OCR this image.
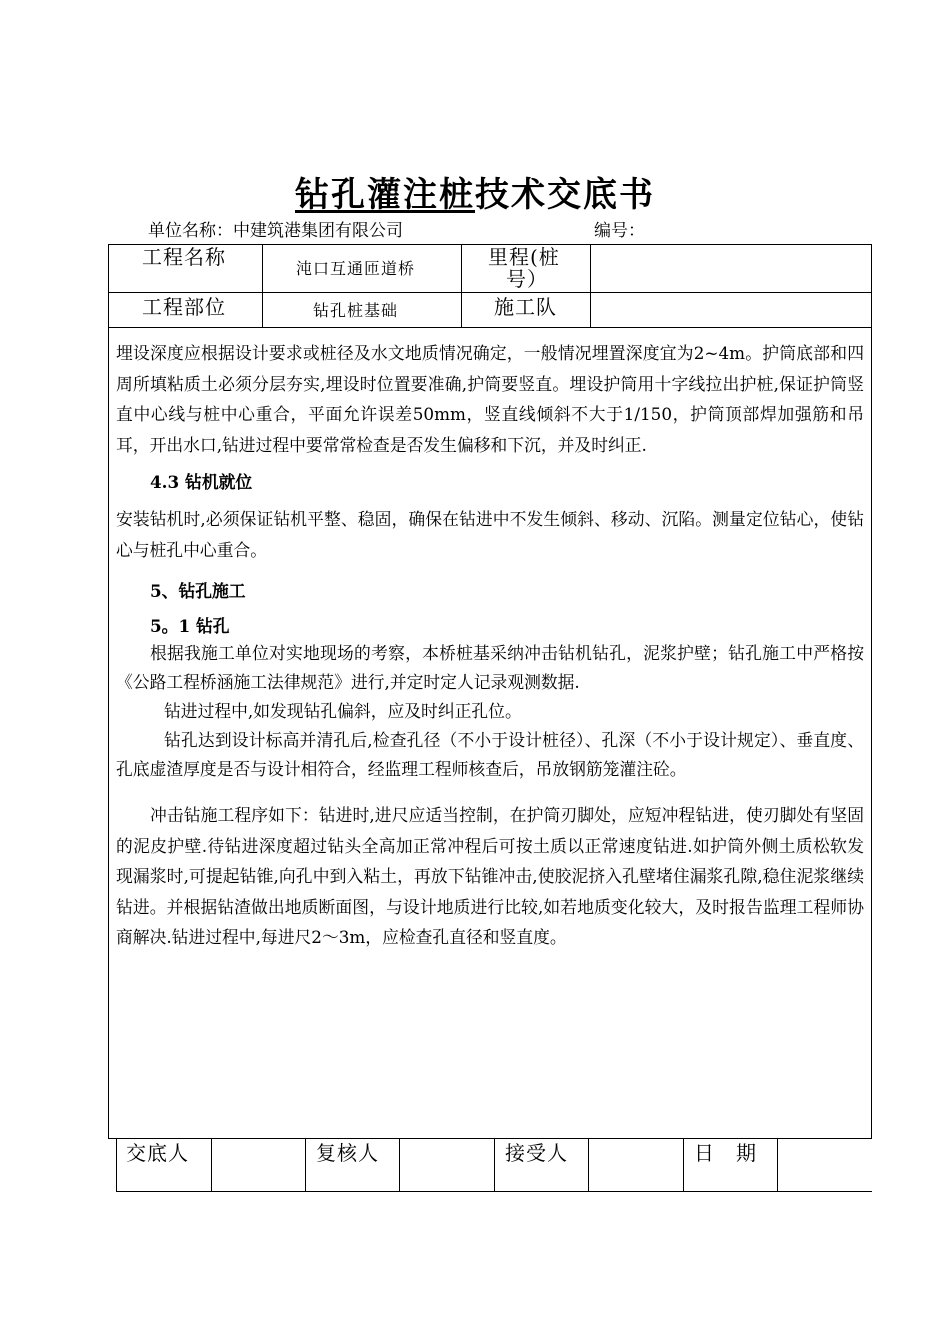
钻孔灌注桩技术交底书
单位名称：中建筑港集团有限公司	编号：
工程名称	沌口互通匝道桥	里程(桩
号）
工程部位	钻孔桩基础	施工队

埋设深度应根据设计要求或桩径及水文地质情况确定，一般情况埋置深度宜为2~4m。护筒底部和四周所填粘质土必须分层夯实,埋设时位置要准确,护筒要竖直。埋设护筒用十字线拉出护桩,保证护筒竖直中心线与桩中心重合，平面允许误差50mm，竖直线倾斜不大于1/150，护筒顶部焊加强筋和吊耳，开出水口,钻进过程中要常常检查是否发生偏移和下沉，并及时纠正.

4.3 钻机就位

安装钻机时,必须保证钻机平整、稳固，确保在钻进中不发生倾斜、移动、沉陷。测量定位钻心，使钻心与桩孔中心重合。

5、钻孔施工

5。1 钻孔

根据我施工单位对实地现场的考察，本桥桩基采纳冲击钻机钻孔，泥浆护壁；钻孔施工中严格按《公路工程桥涵施工法律规范》进行,并定时定人记录观测数据.

钻进过程中,如发现钻孔偏斜，应及时纠正孔位。

钻孔达到设计标高并清孔后,检查孔径（不小于设计桩径）、孔深（不小于设计规定）、垂直度、孔底虚渣厚度是否与设计相符合，经监理工程师核查后，吊放钢筋笼灌注砼。

冲击钻施工程序如下：钻进时,进尺应适当控制，在护筒刃脚处，应短冲程钻进，使刃脚处有坚固的泥皮护壁.待钻进深度超过钻头全高加正常冲程后可按土质以正常速度钻进.如护筒外侧土质松软发现漏浆时,可提起钻锥,向孔中到入粘土，再放下钻锥冲击,使胶泥挤入孔壁堵住漏浆孔隙,稳住泥浆继续钻进。并根据钻渣做出地质断面图，与设计地质进行比较,如若地质变化较大，及时报告监理工程师协商解决.钻进过程中,每进尺2～3m，应检查孔直径和竖直度。

交底人	复核人	接受人	日　期
